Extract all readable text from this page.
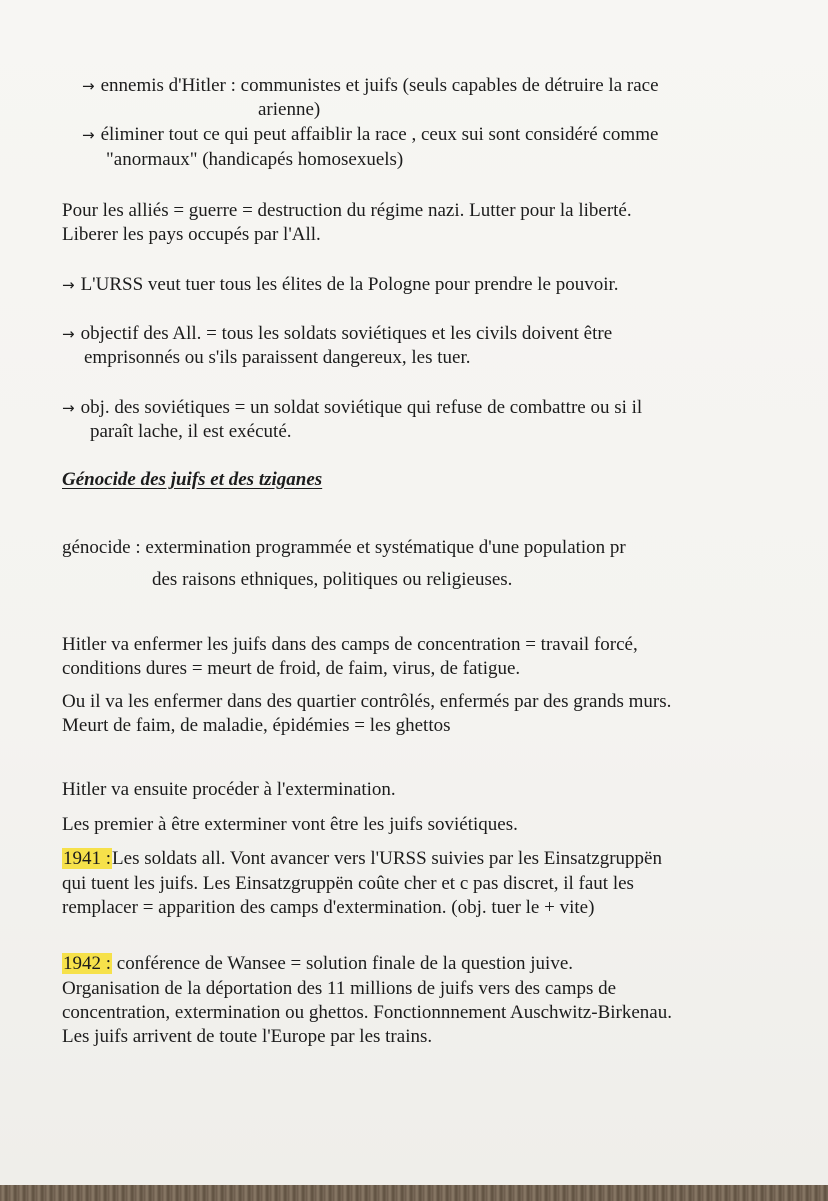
→ ennemis d'Hitler : communistes et juifs (seuls capables de détruire la race
arienne)
→ éliminer tout ce qui peut affaiblir la race , ceux sui sont considéré comme
"anormaux" (handicapés homosexuels)
Pour les alliés = guerre = destruction du régime nazi. Lutter pour la liberté.
Liberer les pays occupés par l'All.
→ L'URSS veut tuer tous les élites de la Pologne pour prendre le pouvoir.
→ objectif des All. = tous les soldats soviétiques et les civils doivent être
emprisonnés ou s'ils paraissent dangereux, les tuer.
→ obj. des soviétiques = un soldat soviétique qui refuse de combattre ou si il
paraît lache, il est exécuté.
Génocide des juifs et des tziganes
génocide : extermination programmée et systématique d'une population pr
des raisons ethniques, politiques ou religieuses.
Hitler va enfermer les juifs dans des camps de concentration = travail forcé,
conditions dures = meurt de froid, de faim, virus, de fatigue.
Ou il va les enfermer dans des quartier contrôlés, enfermés par des grands murs.
Meurt de faim, de maladie, épidémies = les ghettos
Hitler va ensuite procéder à l'extermination.
Les premier à être exterminer vont être les juifs soviétiques.
1941 :Les soldats all. Vont avancer vers l'URSS suivies par les Einsatzgruppën
qui tuent les juifs. Les Einsatzgruppën coûte cher et c pas discret, il faut les
remplacer = apparition des camps d'extermination. (obj. tuer le + vite)
1942 : conférence de Wansee = solution finale de la question juive.
Organisation de la déportation des 11 millions de juifs vers des camps de
concentration, extermination ou ghettos. Fonctionnnement Auschwitz-Birkenau.
Les juifs arrivent de toute l'Europe par les trains.
